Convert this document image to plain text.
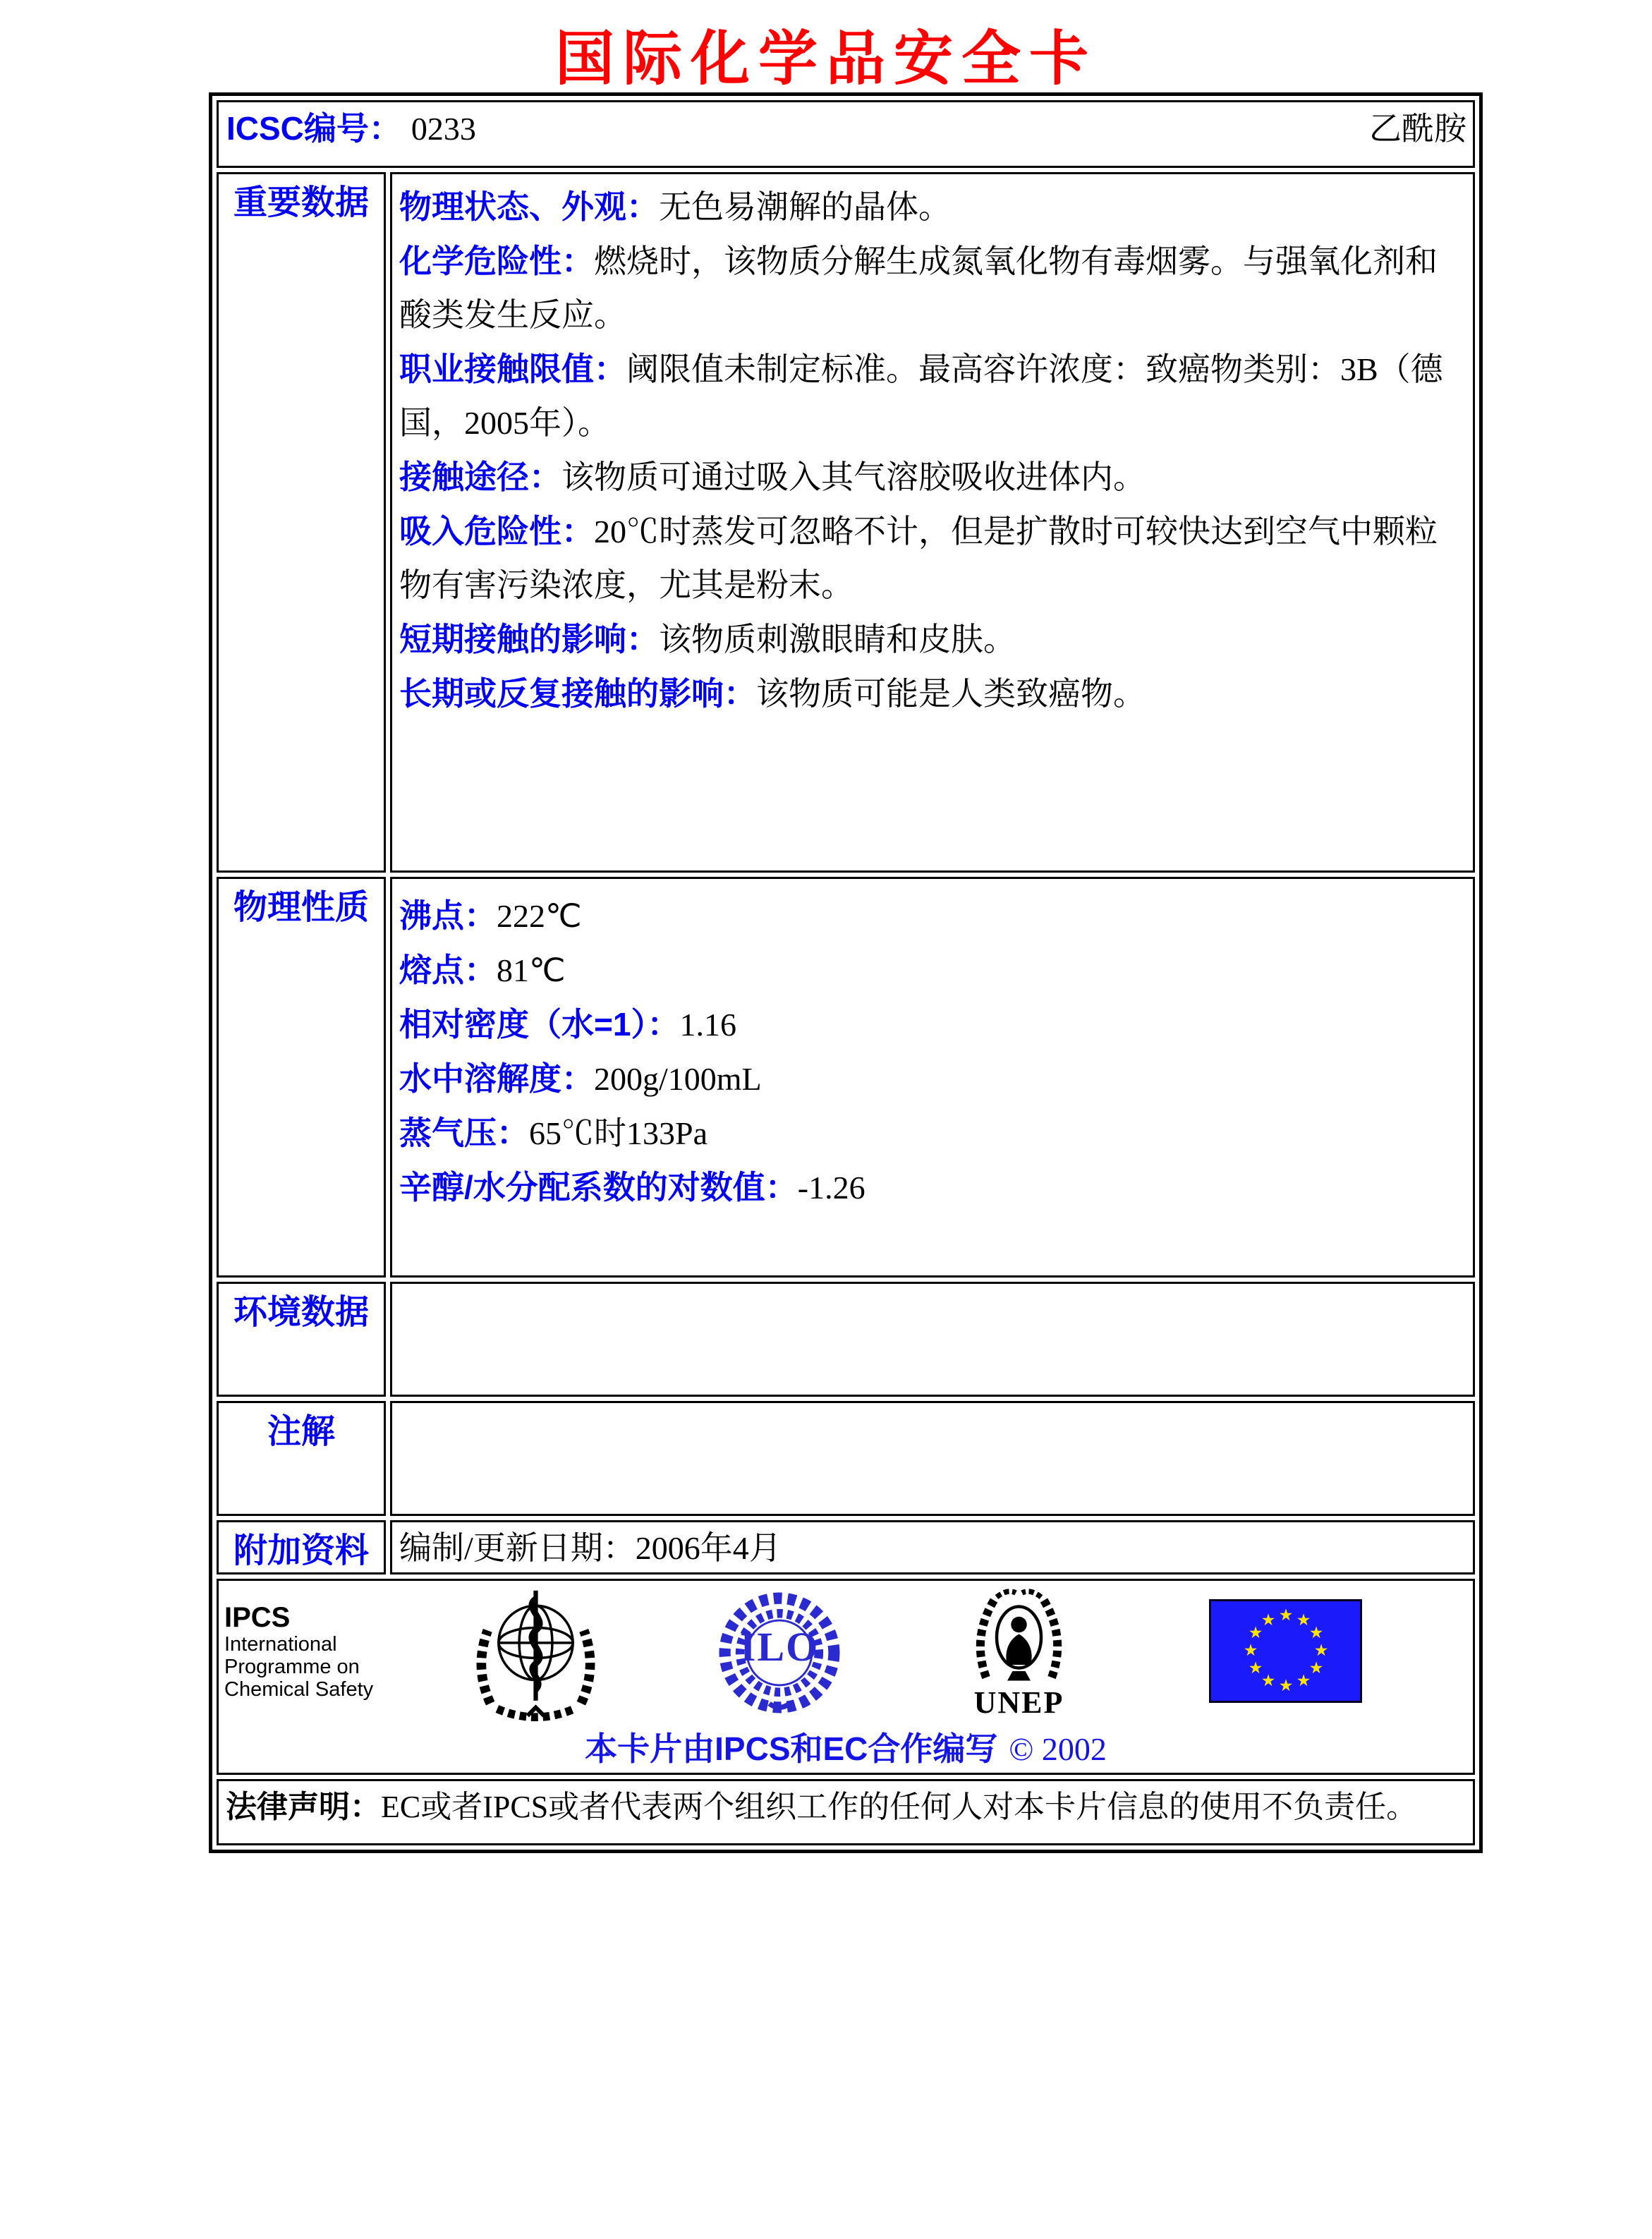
国际化学品安全卡
ICSC编号： 0233 乙酰胺	

重要数据	物理状态、外观：无色易潮解的晶体。
化学危险性：燃烧时，该物质分解生成氮氧化物有毒烟雾。与强氧化剂和酸类发生反应。
职业接触限值：阈限值未制定标准。最高容许浓度：致癌物类别：3B（德国，2005年）。
接触途径：该物质可通过吸入其气溶胶吸收进体内。
吸入危险性：20℃时蒸发可忽略不计，但是扩散时可较快达到空气中颗粒物有害污染浓度，尤其是粉末。
短期接触的影响：该物质刺激眼睛和皮肤。
长期或反复接触的影响：该物质可能是人类致癌物。

物理性质	沸点：222℃
熔点：81℃
相对密度（水=1）：1.16
水中溶解度：200g/100mL
蒸气压：65℃时133Pa
辛醇/水分配系数的对数值：-1.26

环境数据	
注解	
附加资料	编制/更新日期：2006年4月

IPCS
International
Programme on
Chemical Safety
ILO
UNEP
★ ★
★
★
★
★
★
★
★
★
★
★
本卡片由IPCS和EC合作编写 © 2002

法律声明：EC或者IPCS或者代表两个组织工作的任何人对本卡片信息的使用不负责任。	
